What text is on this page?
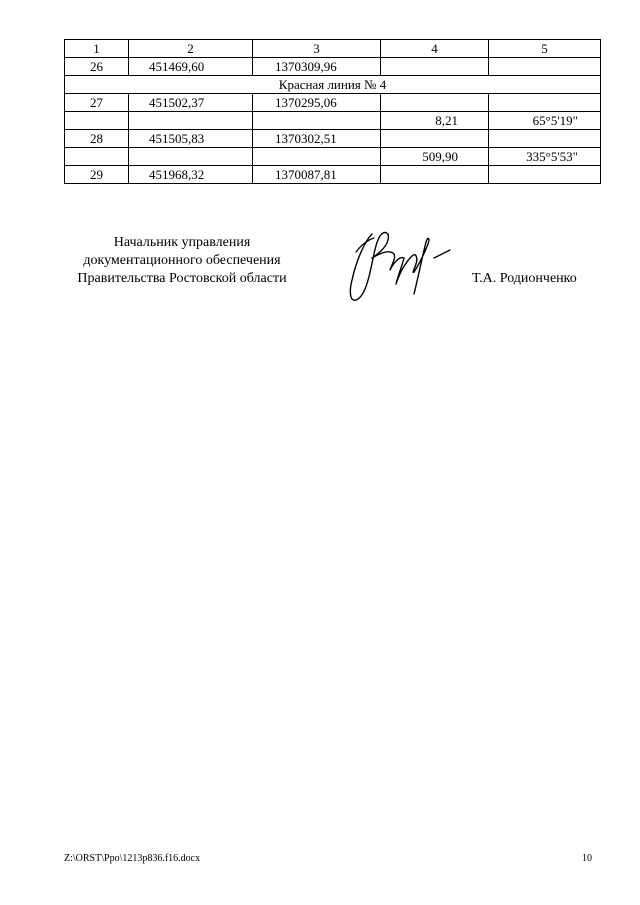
1	2	3	4	5
26	451469,60	1370309,96		
Красная линия № 4				
27	451502,37	1370295,06		
			8,21	65°5'19"
28	451505,83	1370302,51		
			509,90	335°5'53"
29	451968,32	1370087,81		
Начальник управления
документационного обеспечения
Правительства Ростовской области	Т.А. Родионченко
Z:\ORST\Ppo\1213p836.f16.docx	10
